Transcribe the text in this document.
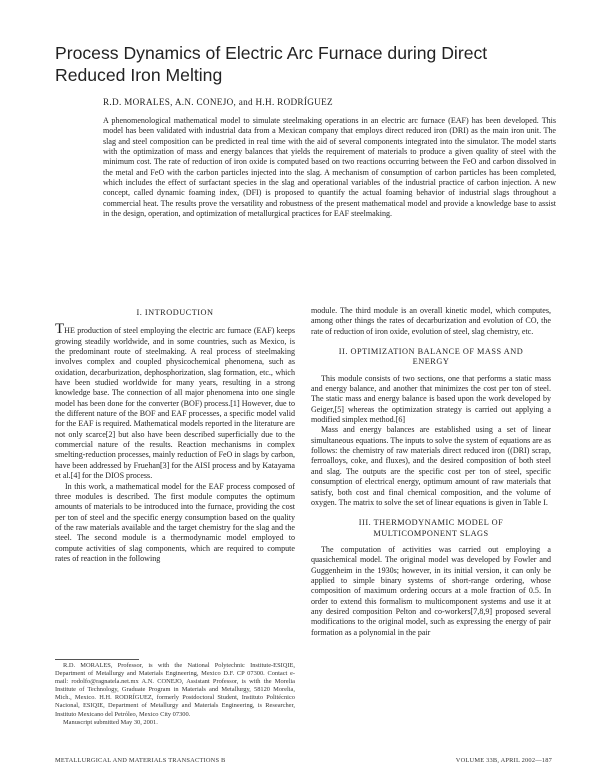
Process Dynamics of Electric Arc Furnace during Direct Reduced Iron Melting
R.D. MORALES, A.N. CONEJO, and H.H. RODRÍGUEZ
A phenomenological mathematical model to simulate steelmaking operations in an electric arc furnace (EAF) has been developed. This model has been validated with industrial data from a Mexican company that employs direct reduced iron (DRI) as the main iron unit. The slag and steel composition can be predicted in real time with the aid of several components integrated into the simulator. The model starts with the optimization of mass and energy balances that yields the requirement of materials to produce a given quality of steel with the minimum cost. The rate of reduction of iron oxide is computed based on two reactions occurring between the FeO and carbon dissolved in the metal and FeO with the carbon particles injected into the slag. A mechanism of consumption of carbon particles has been completed, which includes the effect of surfactant species in the slag and operational variables of the industrial practice of carbon injection. A new concept, called dynamic foaming index, (DFI) is proposed to quantify the actual foaming behavior of industrial slags throughout a commercial heat. The results prove the versatility and robustness of the present mathematical model and provide a knowledge base to assist in the design, operation, and optimization of metallurgical practices for EAF steelmaking.
I. INTRODUCTION

THE production of steel employing the electric arc furnace (EAF) keeps growing steadily worldwide, and in some countries, such as Mexico, is the predominant route of steelmaking. A real process of steelmaking involves complex and coupled physicochemical phenomena, such as oxidation, decarburization, dephosphorization, slag formation, etc., which have been studied worldwide for many years, resulting in a strong knowledge base. The connection of all major phenomena into one single model has been done for the converter (BOF) process.[1] However, due to the different nature of the BOF and EAF processes, a specific model valid for the EAF is required. Mathematical models reported in the literature are not only scarce[2] but also have been described superficially due to the commercial nature of the results. Reaction mechanisms in complex smelting-reduction processes, mainly reduction of FeO in slags by carbon, have been addressed by Fruehan[3] for the AISI process and by Katayama et al.[4] for the DIOS process.

In this work, a mathematical model for the EAF process composed of three modules is described. The first module computes the optimum amounts of materials to be introduced into the furnace, providing the cost per ton of steel and the specific energy consumption based on the quality of the raw materials available and the target chemistry for the slag and the steel. The second module is a thermodynamic model employed to compute activities of slag components, which are required to compute rates of reaction in the following

module. The third module is an overall kinetic model, which computes, among other things the rates of decarburization and evolution of CO, the rate of reduction of iron oxide, evolution of steel, slag chemistry, etc.

II. OPTIMIZATION BALANCE OF MASS AND
ENERGY

This module consists of two sections, one that performs a static mass and energy balance, and another that minimizes the cost per ton of steel. The static mass and energy balance is based upon the work developed by Geiger,[5] whereas the optimization strategy is carried out applying a modified simplex method.[6]

Mass and energy balances are established using a set of linear simultaneous equations. The inputs to solve the system of equations are as follows: the chemistry of raw materials direct reduced iron ((DRI) scrap, ferroalloys, coke, and fluxes), and the desired composition of both steel and slag. The outputs are the specific cost per ton of steel, specific consumption of electrical energy, optimum amount of raw materials that satisfy, both cost and final chemical composition, and the volume of oxygen. The matrix to solve the set of linear equations is given in Table I.

III. THERMODYNAMIC MODEL OF
MULTICOMPONENT SLAGS

The computation of activities was carried out employing a quasichemical model. The original model was developed by Fowler and Guggenheim in the 1930s; however, in its initial version, it can only be applied to simple binary systems of short-range ordering, whose composition of maximum ordering occurs at a mole fraction of 0.5. In order to extend this formalism to multicomponent systems and use it at any desired composition Pelton and co-workers[7,8,9] proposed several modifications to the original model, such as expressing the energy of pair formation as a polynomial in the pair

R.D. MORALES, Professor, is with the National Polytechnic Institute-ESIQIE, Department of Metallurgy and Materials Engineering, Mexico D.F. CP 07300. Contact e-mail: rodolfo@ragnatela.net.mx A.N. CONEJO, Assistant Professor, is with the Morelia Institute of Technology, Graduate Program in Materials and Metallurgy, 58120 Morelia, Mich., Mexico. H.H. RODRÍGUEZ, formerly Postdoctoral Student, Instituto Politécnico Nacional, ESIQIE, Department of Metallurgy and Materials Engineering, is Researcher, Instituto Mexicano del Petróleo, Mexico City 07300.

Manuscript submitted May 30, 2001.

METALLURGICAL AND MATERIALS TRANSACTIONS B	VOLUME 33B, APRIL 2002—187
